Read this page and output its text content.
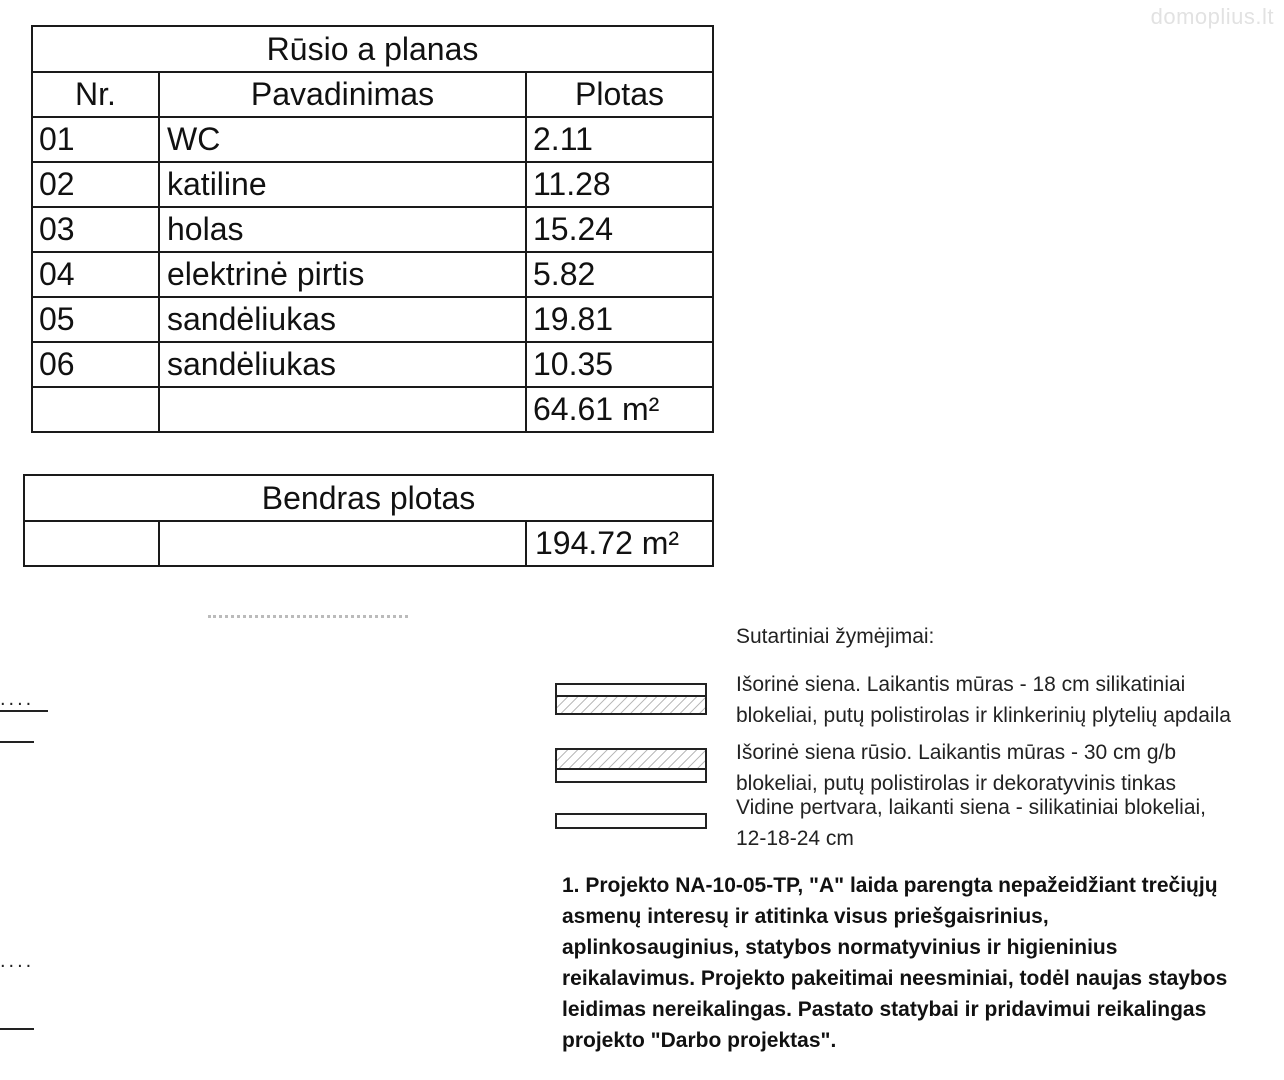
domoplius.lt
Rūsio a planas		
Nr.	Pavadinimas	Plotas
01	WC	2.11
02	katiline	11.28
03	holas	15.24
04	elektrinė pirtis	5.82
05	sandėliukas	19.81
06	sandėliukas	10.35
		64.61 m²
Bendras plotas
		194.72 m²
....
....
Sutartiniai žymėjimai:
Išorinė siena. Laikantis mūras - 18 cm silikatiniai
blokeliai, putų polistirolas ir klinkerinių plytelių apdaila
Išorinė siena rūsio. Laikantis mūras - 30 cm g/b
blokeliai, putų polistirolas ir dekoratyvinis tinkas
Vidine pertvara, laikanti siena - silikatiniai blokeliai,
12-18-24 cm
1. Projekto NA-10-05-TP, "A" laida parengta nepažeidžiant trečiųjų
asmenų interesų ir atitinka visus priešgaisrinius,
aplinkosauginius, statybos normatyvinius ir higieninius
reikalavimus. Projekto pakeitimai neesminiai, todėl naujas staybos
leidimas nereikalingas. Pastato statybai ir pridavimui reikalingas
projekto "Darbo projektas".
